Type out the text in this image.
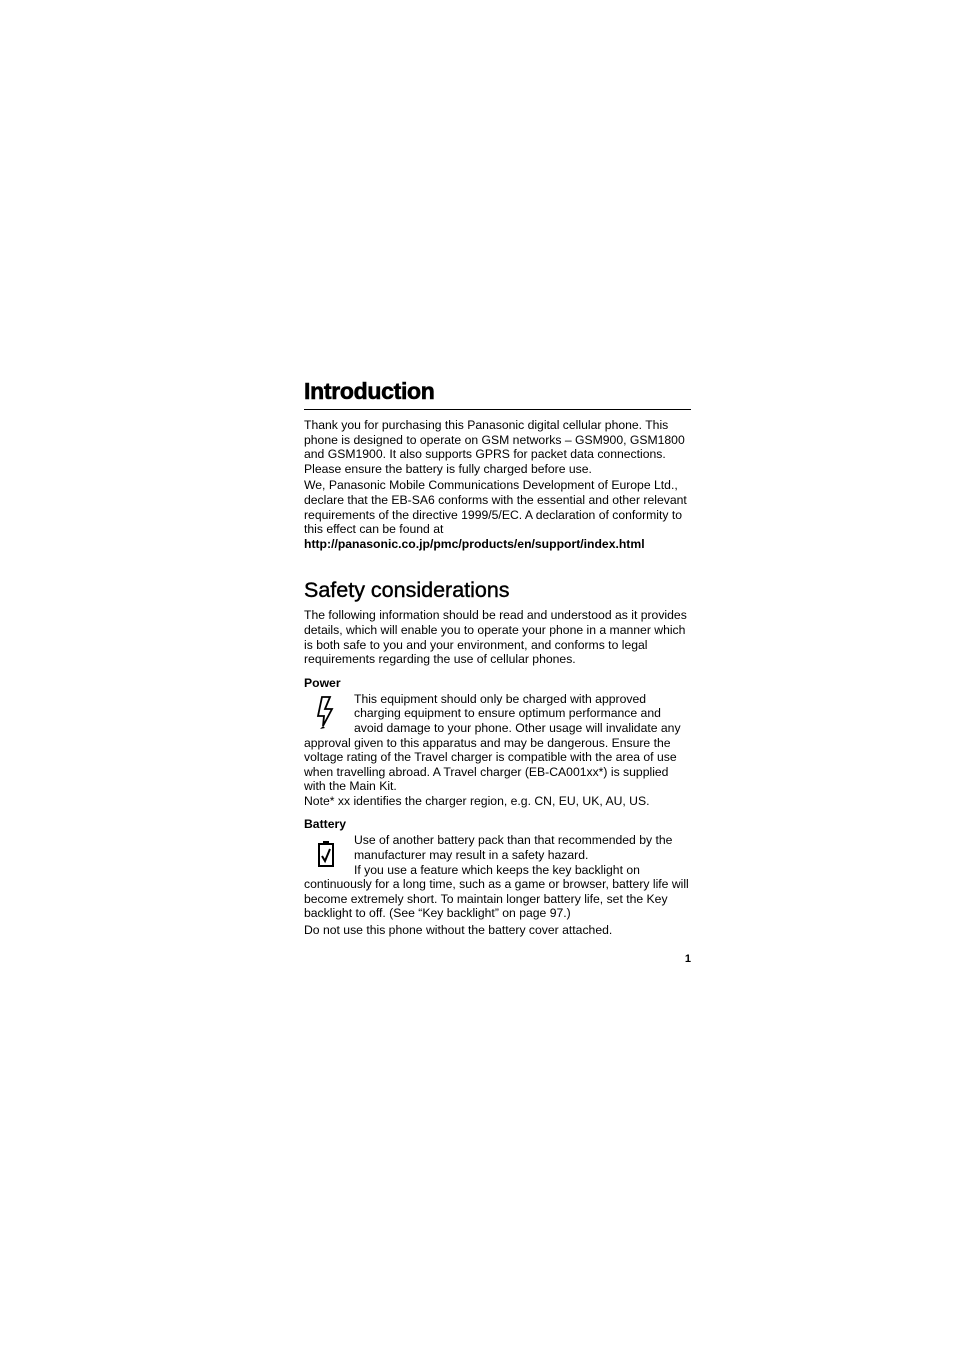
Introduction

Thank you for purchasing this Panasonic digital cellular phone. This phone is designed to operate on GSM networks – GSM900, GSM1800 and GSM1900. It also supports GPRS for packet data connections. Please ensure the battery is fully charged before use.

We, Panasonic Mobile Communications Development of Europe Ltd., declare that the EB-SA6 conforms with the essential and other relevant requirements of the directive 1999/5/EC. A declaration of conformity to this effect can be found at http://panasonic.co.jp/pmc/products/en/support/index.html

Safety considerations

The following information should be read and understood as it provides details, which will enable you to operate your phone in a manner which is both safe to you and your environment, and conforms to legal requirements regarding the use of cellular phones.

Power

This equipment should only be charged with approved charging equipment to ensure optimum performance and avoid damage to your phone. Other usage will invalidate any approval given to this apparatus and may be dangerous. Ensure the voltage rating of the Travel charger is compatible with the area of use when travelling abroad. A Travel charger (EB-CA001xx*) is supplied with the Main Kit.

Note* xx identifies the charger region, e.g. CN, EU, UK, AU, US.

Battery

Use of another battery pack than that recommended by the manufacturer may result in a safety hazard.
If you use a feature which keeps the key backlight on continuously for a long time, such as a game or browser, battery life will become extremely short. To maintain longer battery life, set the Key backlight to off. (See “Key backlight” on page 97.)

Do not use this phone without the battery cover attached.

1
